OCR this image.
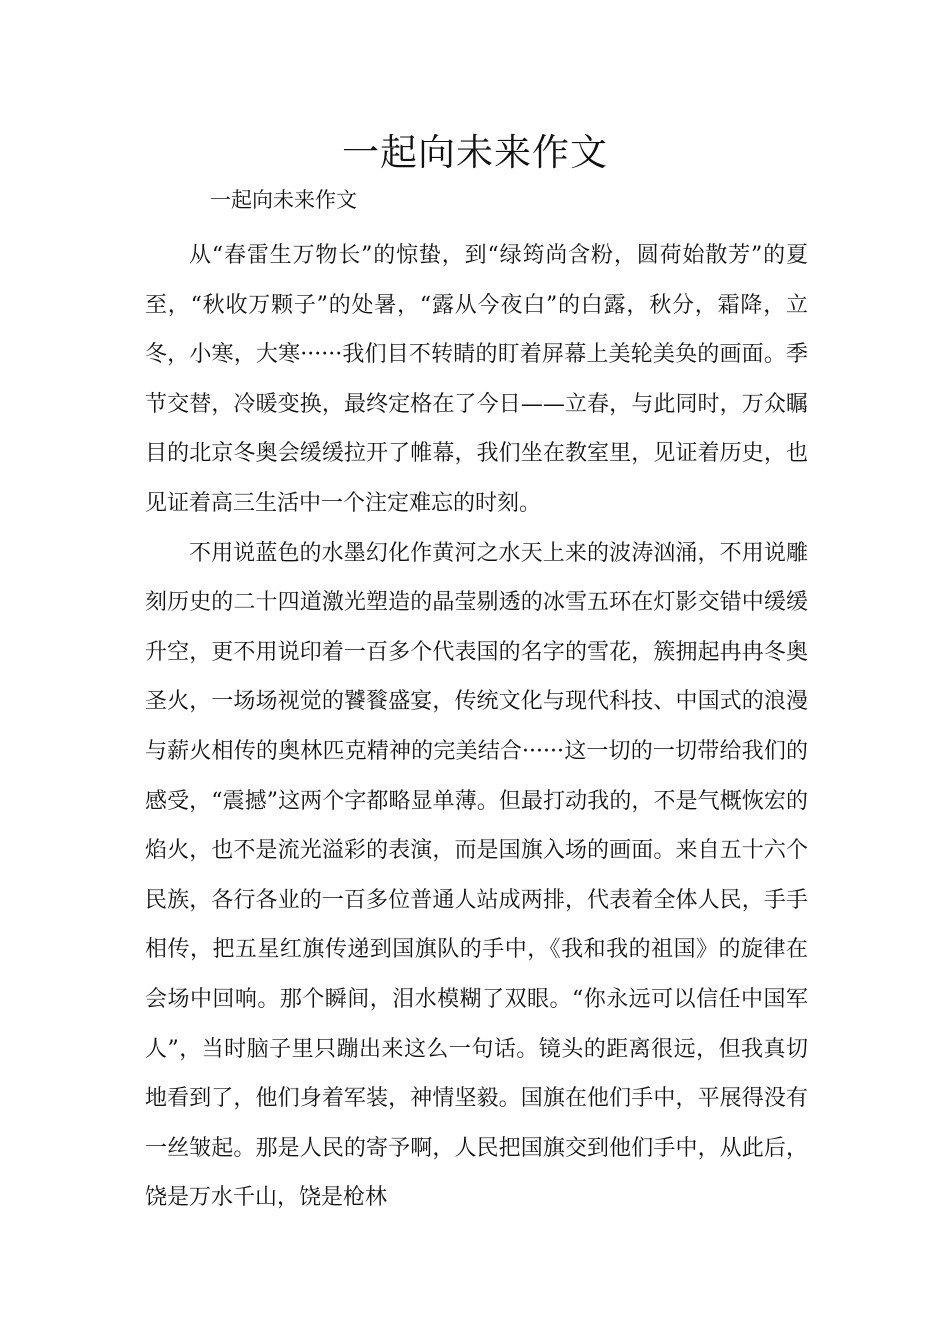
一起向未来作文

一起向未来作文

从“春雷生万物长”的惊蛰，到“绿筠尚含粉，圆荷始散芳”的夏至，“秋收万颗子”的处暑，“露从今夜白”的白露，秋分，霜降，立冬，小寒，大寒······我们目不转睛的盯着屏幕上美轮美奂的画面。季节交替，冷暖变换，最终定格在了今日——立春，与此同时，万众瞩目的北京冬奥会缓缓拉开了帷幕，我们坐在教室里，见证着历史，也见证着高三生活中一个注定难忘的时刻。

不用说蓝色的水墨幻化作黄河之水天上来的波涛汹涌，不用说雕刻历史的二十四道激光塑造的晶莹剔透的冰雪五环在灯影交错中缓缓升空，更不用说印着一百多个代表国的名字的雪花，簇拥起冉冉冬奥圣火，一场场视觉的饕餮盛宴，传统文化与现代科技、中国式的浪漫与薪火相传的奥林匹克精神的完美结合······这一切的一切带给我们的感受，“震撼”这两个字都略显单薄。但最打动我的，不是气概恢宏的焰火，也不是流光溢彩的表演，而是国旗入场的画面。来自五十六个民族，各行各业的一百多位普通人站成两排，代表着全体人民，手手相传，把五星红旗传递到国旗队的手中，《我和我的祖国》的旋律在会场中回响。那个瞬间，泪水模糊了双眼。“你永远可以信任中国军人”，当时脑子里只蹦出来这么一句话。镜头的距离很远，但我真切地看到了，他们身着军装，神情坚毅。国旗在他们手中，平展得没有一丝皱起。那是人民的寄予啊，人民把国旗交到他们手中，从此后，饶是万水千山，饶是枪林
